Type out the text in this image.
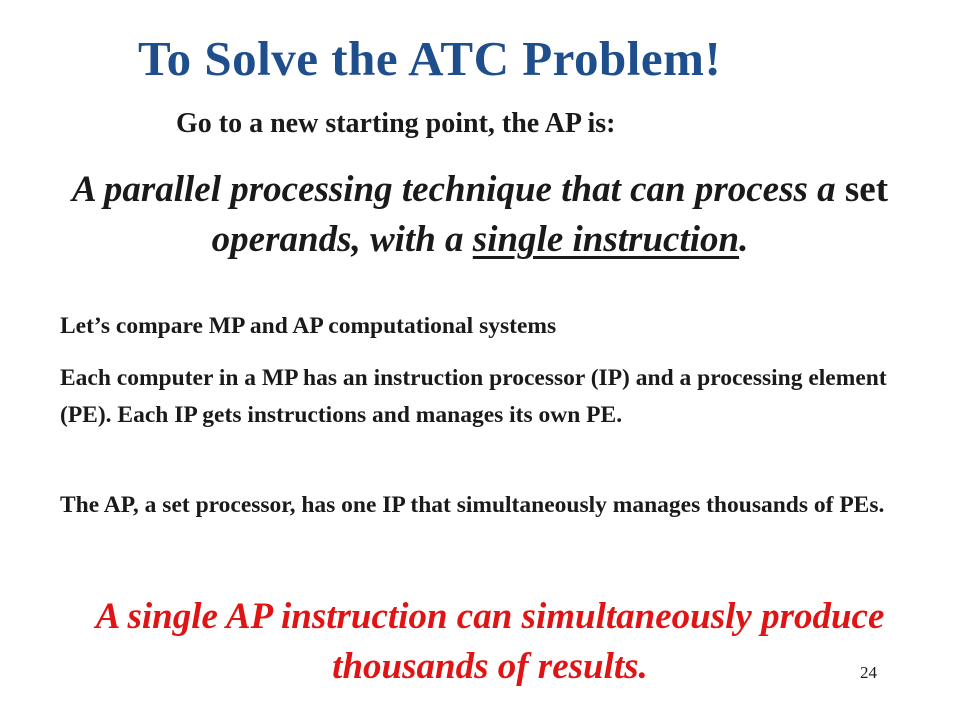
To Solve the ATC Problem!
Go to a new starting point, the AP is:
A parallel processing technique that can process a set operands, with a single instruction.
Let’s compare MP and AP computational systems
Each computer in a MP has an instruction processor (IP) and a processing element (PE). Each IP gets instructions and manages its own PE.
The AP, a set processor, has one IP that simultaneously manages thousands of PEs.
A single AP instruction can simultaneously produce thousands of results.	24
